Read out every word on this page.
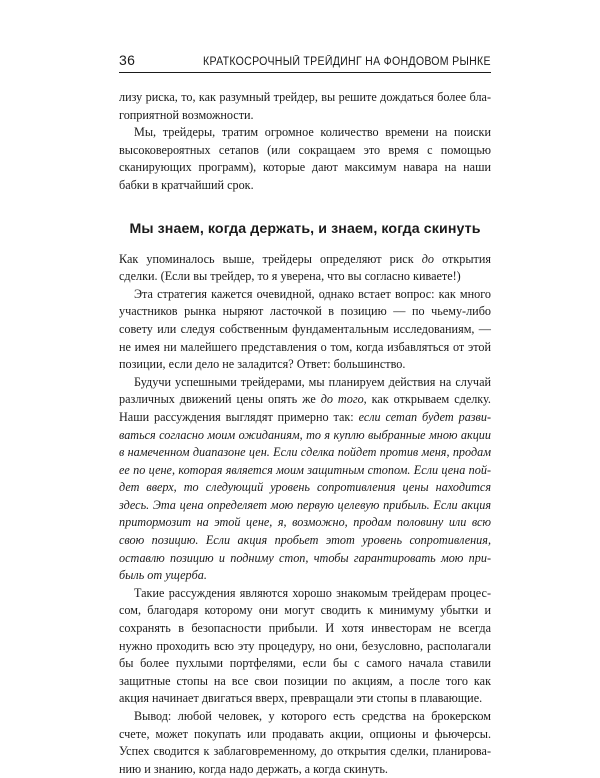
36	КРАТКОСРОЧНЫЙ ТРЕЙДИНГ НА ФОНДОВОМ РЫНКЕ

лизу риска, то, как разумный трейдер, вы решите дождаться более благоприятной возможности.

Мы, трейдеры, тратим огромное количество времени на поиски высоковероятных сетапов (или сокращаем это время с помощью сканирующих программ), которые дают максимум навара на наши бабки в кратчайший срок.

Мы знаем, когда держать, и знаем, когда скинуть

Как упоминалось выше, трейдеры определяют риск до открытия сделки. (Если вы трейдер, то я уверена, что вы согласно киваете!)

Эта стратегия кажется очевидной, однако встает вопрос: как много участников рынка ныряют ласточкой в позицию — по чьему-либо совету или следуя собственным фундаментальным исследованиям, — не имея ни малейшего представления о том, когда избавляться от этой позиции, если дело не заладится? Ответ: большинство.

Будучи успешными трейдерами, мы планируем действия на случай различных движений цены опять же до того, как открываем сделку. Наши рассуждения выглядят примерно так: если сетап будет развиваться согласно моим ожиданиям, то я куплю выбранные мною акции в намеченном диапазоне цен. Если сделка пойдет против меня, продам ее по цене, которая является моим защитным стопом. Если цена пойдет вверх, то следующий уровень сопротивления цены находится здесь. Эта цена определяет мою первую целевую прибыль. Если акция притормозит на этой цене, я, возможно, продам половину или всю свою позицию. Если акция пробьет этот уровень сопротивления, оставлю позицию и подниму стоп, чтобы гарантировать мою прибыль от ущерба.

Такие рассуждения являются хорошо знакомым трейдерам процессом, благодаря которому они могут сводить к минимуму убытки и сохранять в безопасности прибыли. И хотя инвесторам не всегда нужно проходить всю эту процедуру, но они, безусловно, располагали бы более пухлыми портфелями, если бы с самого начала ставили защитные стопы на все свои позиции по акциям, а после того как акция начинает двигаться вверх, превращали эти стопы в плавающие.

Вывод: любой человек, у которого есть средства на брокерском счете, может покупать или продавать акции, опционы и фьючерсы. Успех сводится к заблаговременному, до открытия сделки, планированию и знанию, когда надо держать, а когда скинуть.
